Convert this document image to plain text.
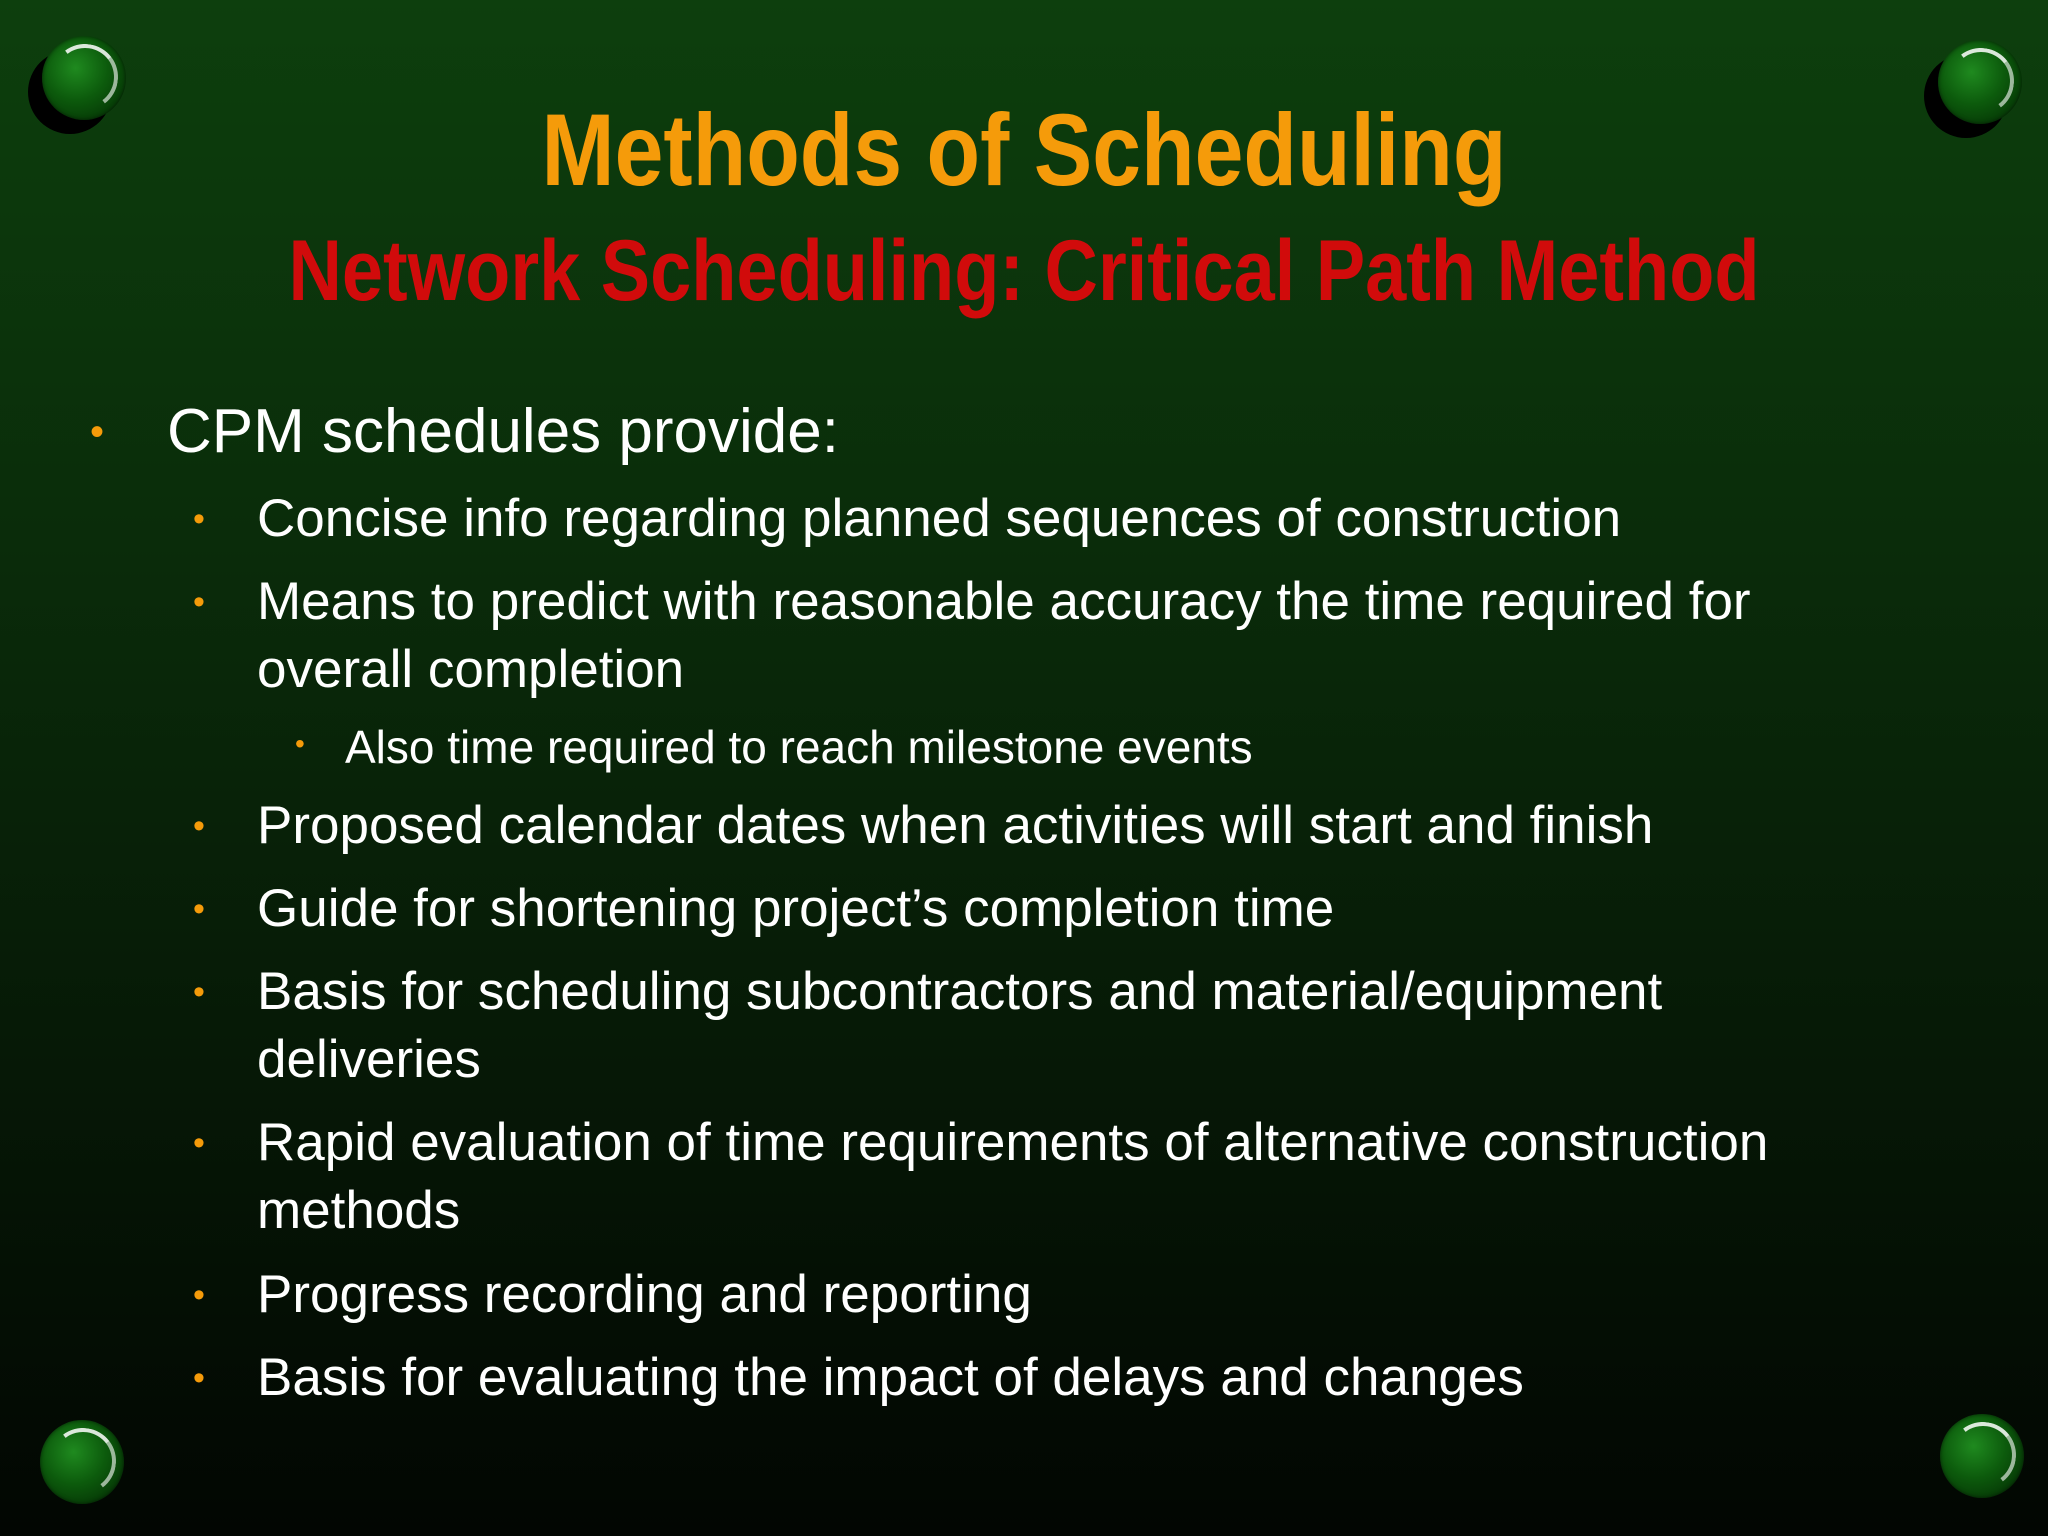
Methods of Scheduling
Network Scheduling: Critical Path Method
• CPM schedules provide:
• Concise info regarding planned sequences of construction
• Means to predict with reasonable accuracy the time required for
overall completion
• Also time required to reach milestone events
• Proposed calendar dates when activities will start and finish
• Guide for shortening project’s completion time
• Basis for scheduling subcontractors and material/equipment
deliveries
• Rapid evaluation of time requirements of alternative construction
methods
• Progress recording and reporting
• Basis for evaluating the impact of delays and changes
